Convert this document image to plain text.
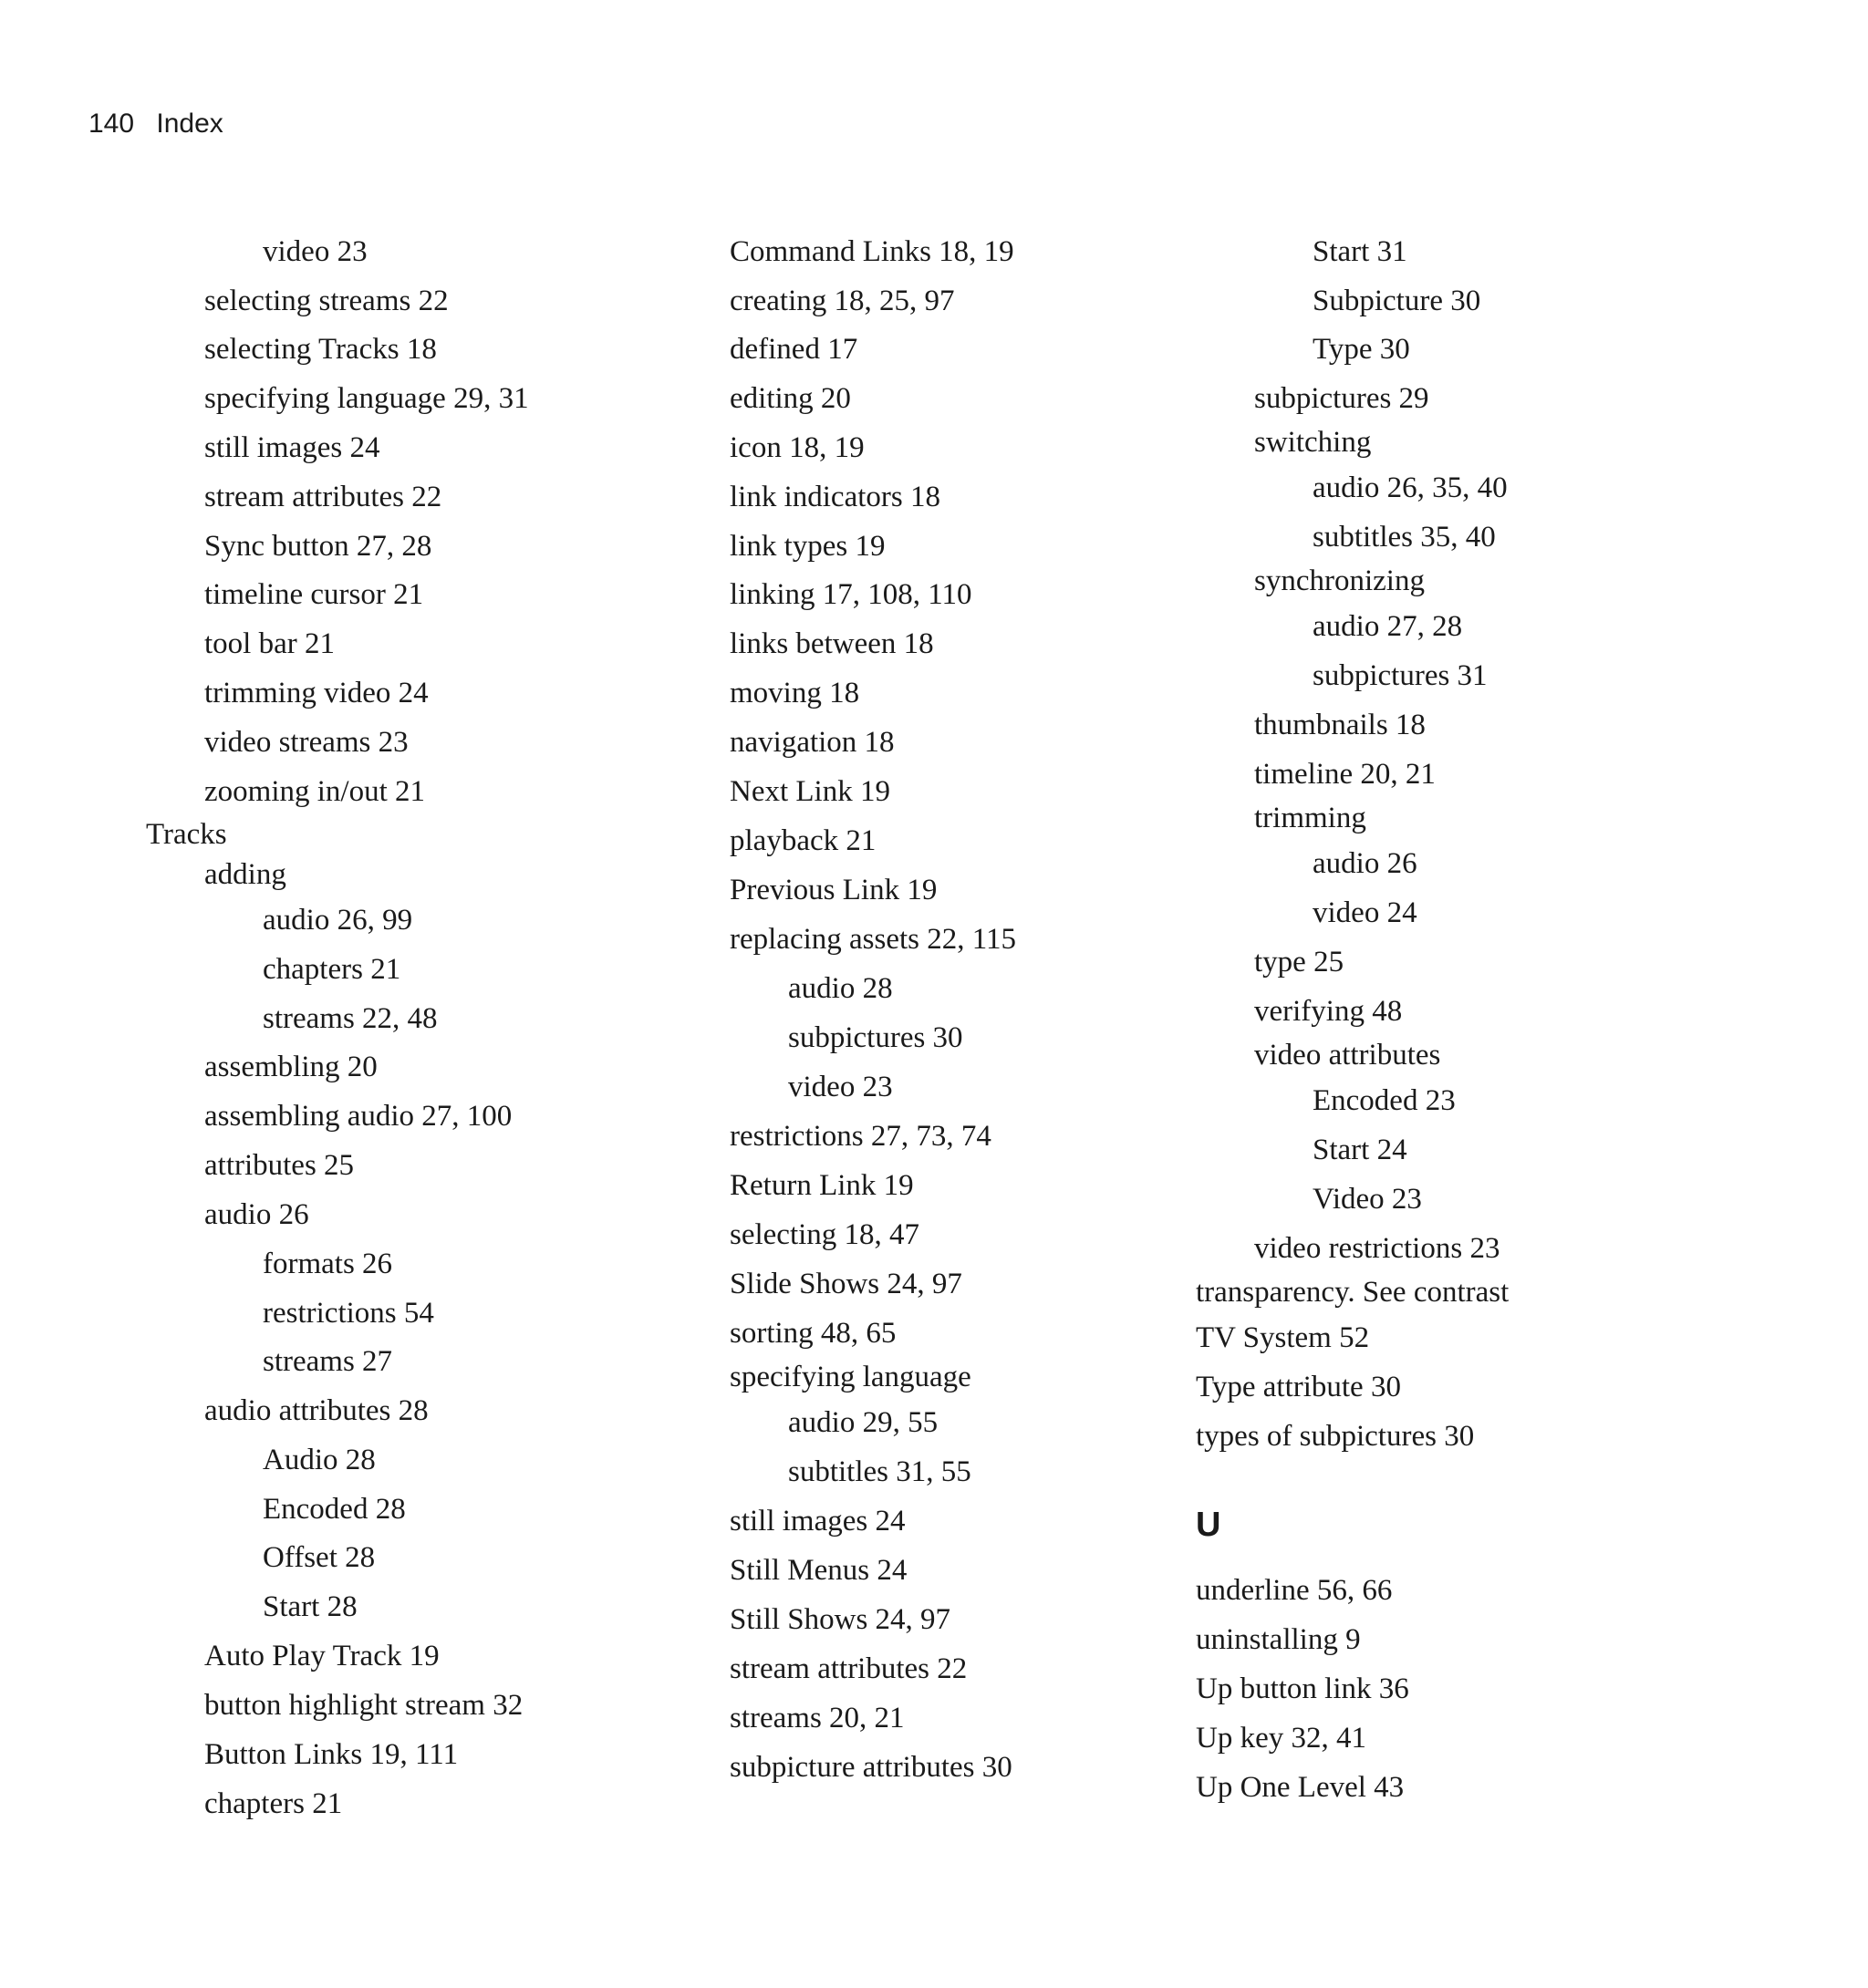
140 Index
video 23
selecting streams 22
selecting Tracks 18
specifying language 29, 31
still images 24
stream attributes 22
Sync button 27, 28
timeline cursor 21
tool bar 21
trimming video 24
video streams 23
zooming in/out 21
Tracks
adding
audio 26, 99
chapters 21
streams 22, 48
assembling 20
assembling audio 27, 100
attributes 25
audio 26
formats 26
restrictions 54
streams 27
audio attributes 28
Audio 28
Encoded 28
Offset 28
Start 28
Auto Play Track 19
button highlight stream 32
Button Links 19, 111
chapters 21
Command Links 18, 19
creating 18, 25, 97
defined 17
editing 20
icon 18, 19
link indicators 18
link types 19
linking 17, 108, 110
links between 18
moving 18
navigation 18
Next Link 19
playback 21
Previous Link 19
replacing assets 22, 115
audio 28
subpictures 30
video 23
restrictions 27, 73, 74
Return Link 19
selecting 18, 47
Slide Shows 24, 97
sorting 48, 65
specifying language
audio 29, 55
subtitles 31, 55
still images 24
Still Menus 24
Still Shows 24, 97
stream attributes 22
streams 20, 21
subpicture attributes 30
Start 31
Subpicture 30
Type 30
subpictures 29
switching
audio 26, 35, 40
subtitles 35, 40
synchronizing
audio 27, 28
subpictures 31
thumbnails 18
timeline 20, 21
trimming
audio 26
video 24
type 25
verifying 48
video attributes
Encoded 23
Start 24
Video 23
video restrictions 23
transparency. See contrast
TV System 52
Type attribute 30
types of subpictures 30
U
underline 56, 66
uninstalling 9
Up button link 36
Up key 32, 41
Up One Level 43
